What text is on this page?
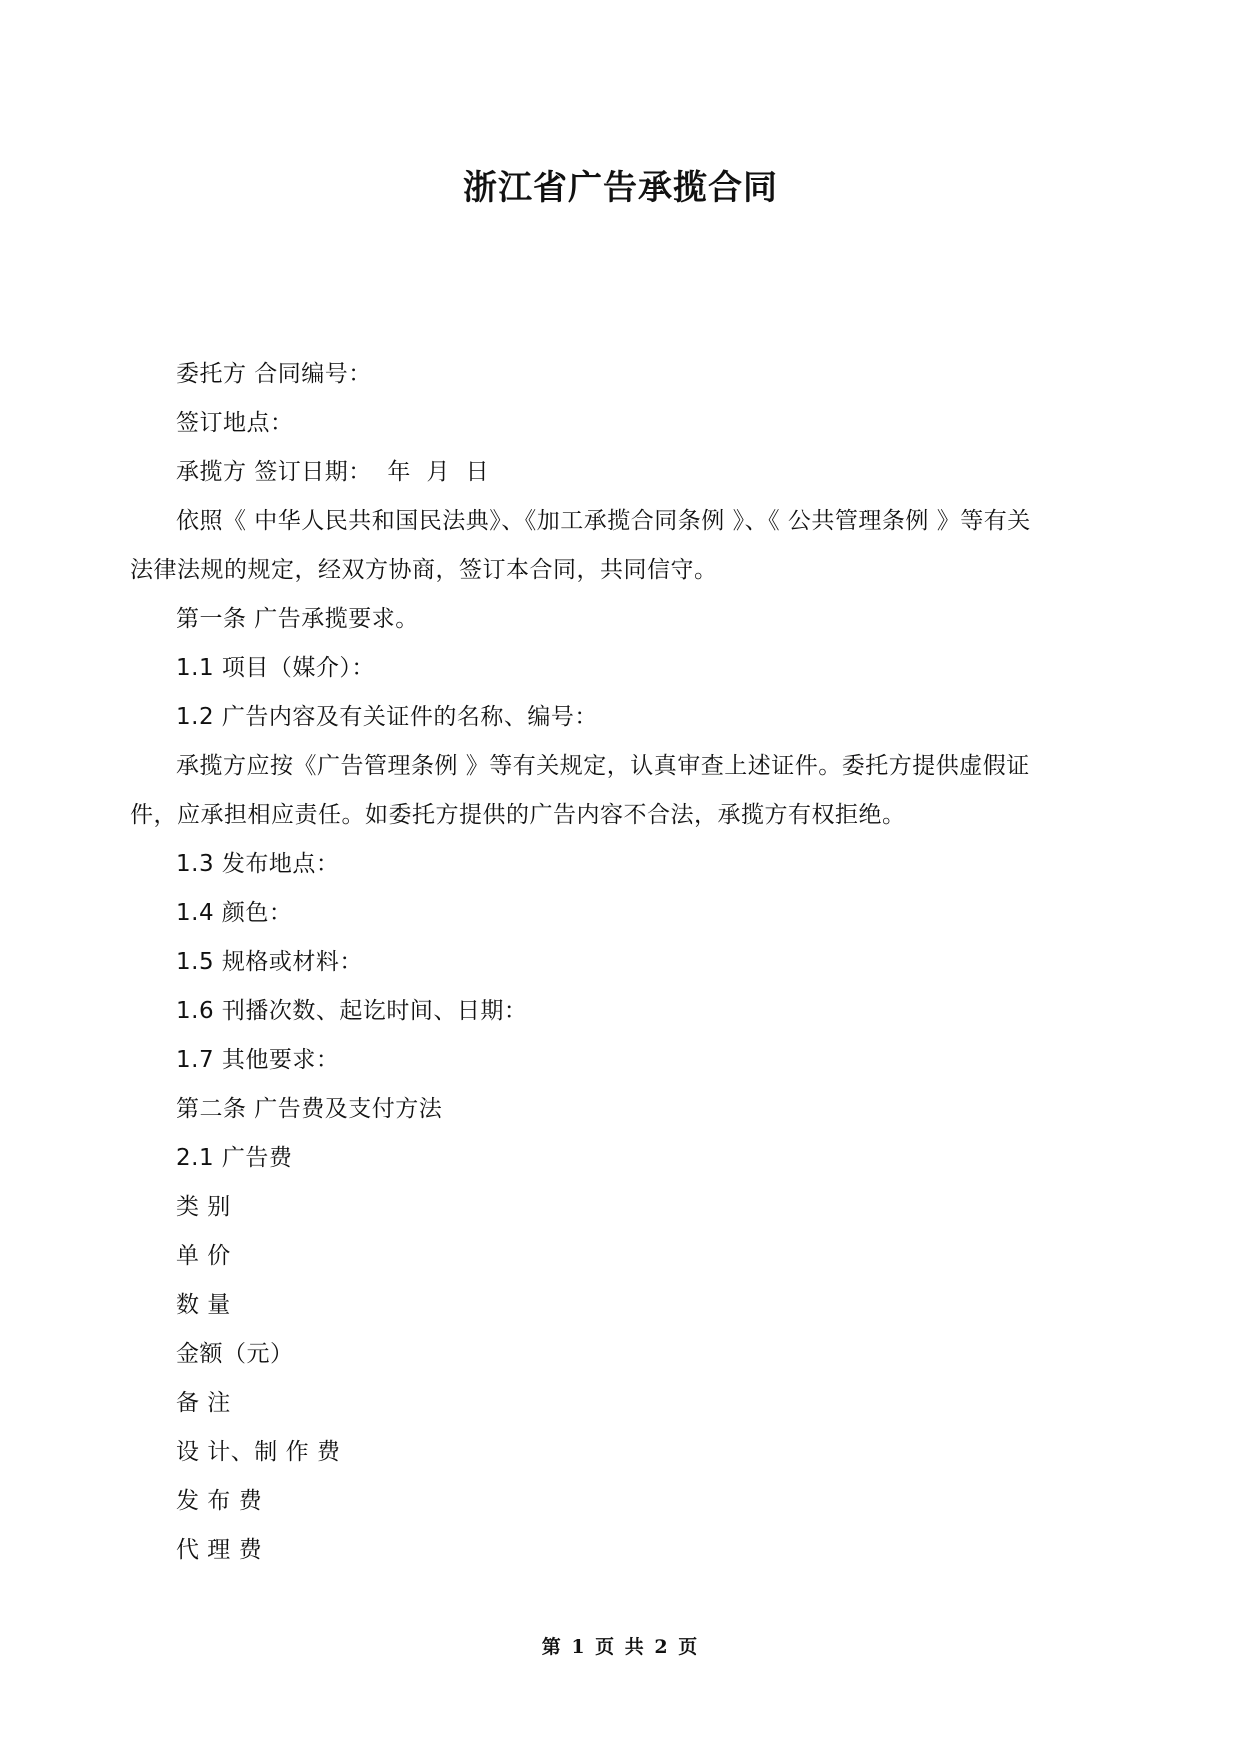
浙江省广告承揽合同

委托方 合同编号：

签订地点：

承揽方 签订日期：  年  月  日

依照《 中华人民共和国民法典》、《加工承揽合同条例 》、《 公共管理条例 》等有关

法律法规的规定，经双方协商，签订本合同，共同信守。

第一条 广告承揽要求。

1.1 项目（媒介）：

1.2 广告内容及有关证件的名称、编号：

承揽方应按《广告管理条例 》等有关规定，认真审查上述证件。委托方提供虚假证

件，应承担相应责任。如委托方提供的广告内容不合法，承揽方有权拒绝。

1.3 发布地点：

1.4 颜色：

1.5 规格或材料：

1.6 刊播次数、起讫时间、日期：

1.7 其他要求：

第二条 广告费及支付方法

2.1 广告费

类 别

单 价

数 量

金额（元）

备 注

设 计、制 作 费

发 布 费

代 理 费

第 1 页 共 2 页
